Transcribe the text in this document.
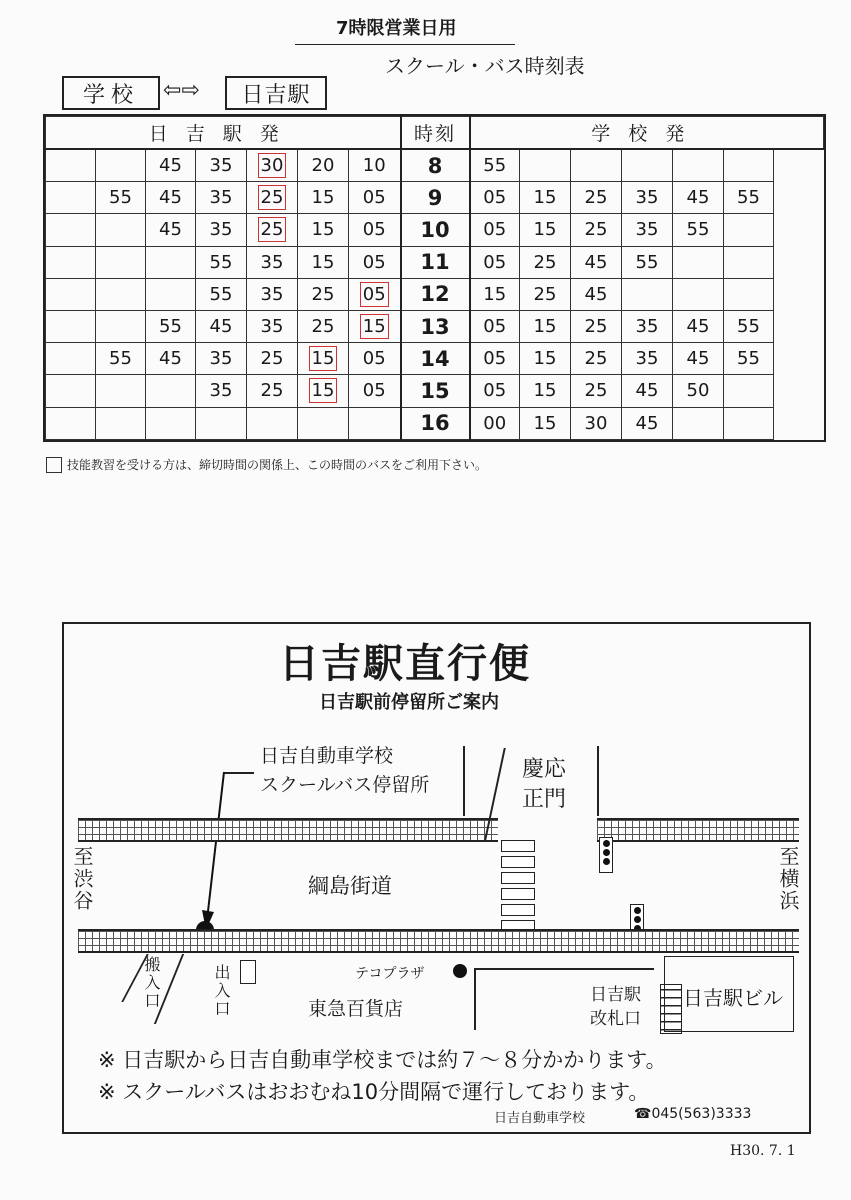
7時限営業日用
スクール・バス時刻表
学校	⇦⇨	日吉駅
日吉駅発							時刻	学校発					
		45	35	30	20	10	8	55					
	55	45	35	25	15	05	9	05	15	25	35	45	55
		45	35	25	15	05	10	05	15	25	35	55	
			55	35	15	05	11	05	25	45	55		
			55	35	25	05	12	15	25	45			
		55	45	35	25	15	13	05	15	25	35	45	55
	55	45	35	25	15	05	14	05	15	25	35	45	55
			35	25	15	05	15	05	15	25	45	50	
							16	00	15	30	45		
技能教習を受ける方は、締切時間の関係上、この時間のバスをご利用下さい。
日吉駅直行便
日吉駅前停留所ご案内
日吉自動車学校
スクールバス停留所
慶応
正門
綱島街道
至渋谷	至横浜
搬入口	出入口	テコプラザ
東急百貨店
日吉駅
改札口
日吉駅ビル
※ 日吉駅から日吉自動車学校までは約７～８分かかります。
※ スクールバスはおおむね10分間隔で運行しております。
日吉自動車学校	☎045(563)3333
H30. 7. 1
